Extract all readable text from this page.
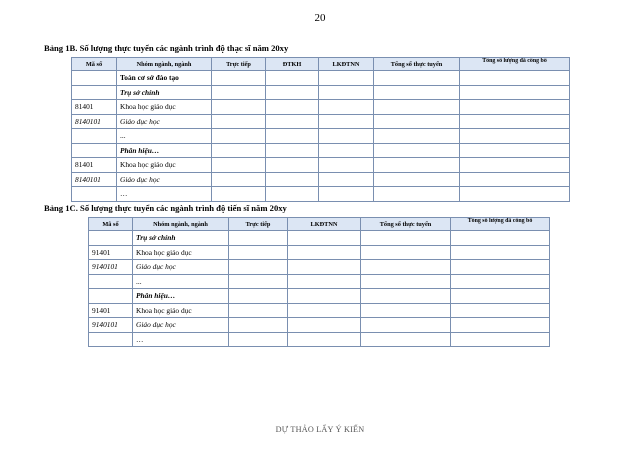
20
Bảng 1B. Số lượng thực tuyển các ngành trình độ thạc sĩ năm 20xy
Mã số	Nhóm ngành, ngành	Trực tiếp	ĐTKH	LKĐTNN	Tổng số thực tuyển	Tổng số lượng đã công bố
	Toàn cơ sở đào tạo					
	Trụ sở chính					
81401	Khoa học giáo dục					
8140101	Giáo dục học					
	...					
	Phân hiệu…					
81401	Khoa học giáo dục					
8140101	Giáo dục học					
	…					
Bảng 1C. Số lượng thực tuyển các ngành trình độ tiến sĩ năm 20xy
Mã số	Nhóm ngành, ngành	Trực tiếp	LKĐTNN	Tổng số thực tuyển	Tổng số lượng đã công bố
	Trụ sở chính				
91401	Khoa học giáo dục				
9140101	Giáo dục học				
	...				
	Phân hiệu…				
91401	Khoa học giáo dục				
9140101	Giáo dục học				
	…				
DỰ THẢO LẤY Ý KIẾN
